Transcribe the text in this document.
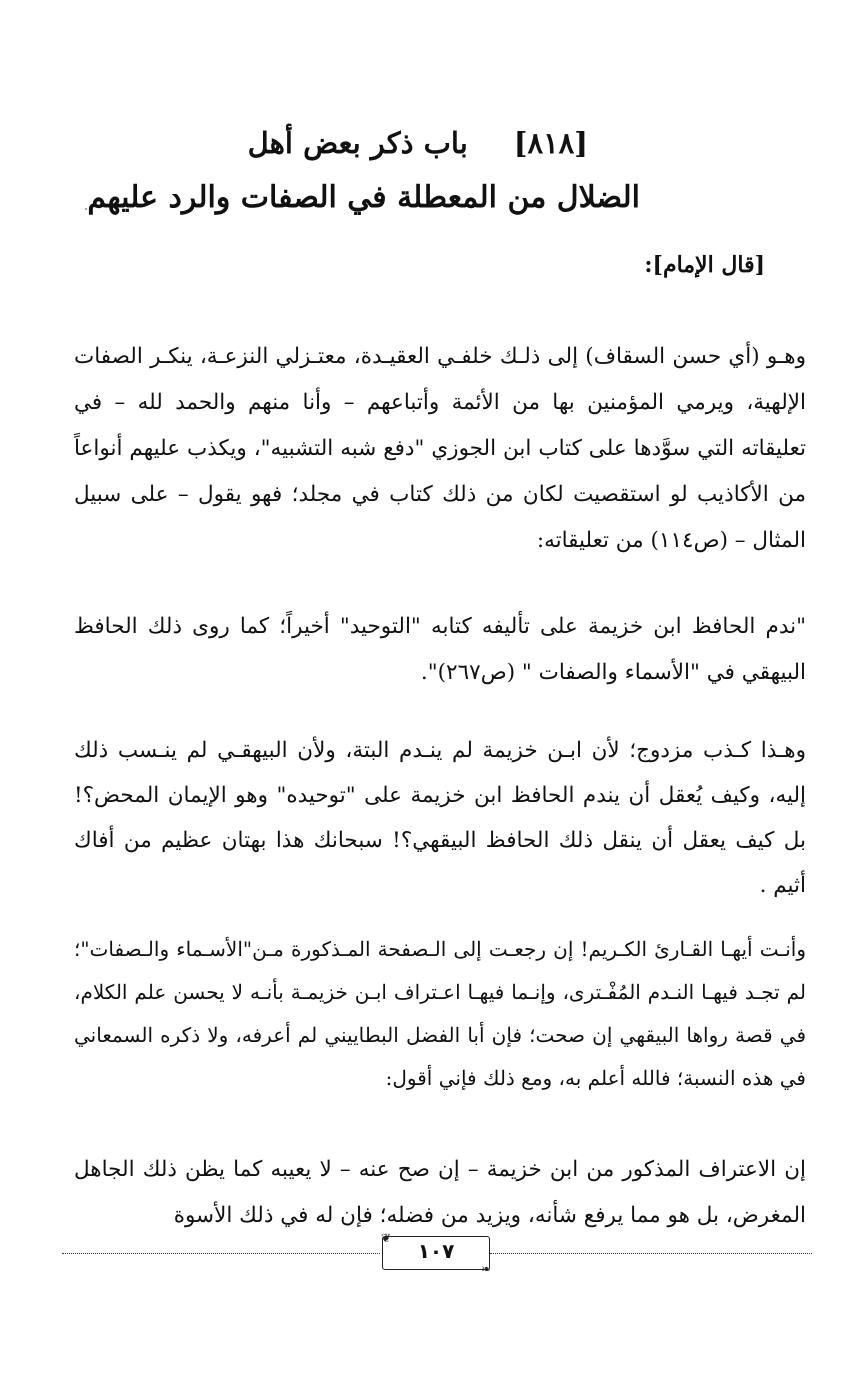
[٨١٨]باب ذكر بعض أهل
الضلال من المعطلة في الصفات والرد عليهم
[قال الإمام]:

وهـو (أي حسن السقاف) إلى ذلـك خلفـي العقيـدة، معتـزلي النزعـة، ينكـر الصفات الإلهية، ويرمي المؤمنين بها من الأئمة وأتباعهم – وأنا منهم والحمد لله – في تعليقاته التي سوَّدها على كتاب ابن الجوزي "دفع شبه التشبيه"، ويكذب عليهم أنواعاً من الأكاذيب لو استقصيت لكان من ذلك كتاب في مجلد؛ فهو يقول – على سبيل المثال – (ص١١٤) من تعليقاته:

"ندم الحافظ ابن خزيمة على تأليفه كتابه "التوحيد" أخيراً؛ كما روى ذلك الحافظ البيهقي في "الأسماء والصفات " (ص٢٦٧)".

وهـذا كـذب مزدوج؛ لأن ابـن خزيمة لم ينـدم البتة، ولأن البيهقـي لم ينـسب ذلك إليه، وكيف يُعقل أن يندم الحافظ ابن خزيمة على "توحيده" وهو الإيمان المحض؟! بل كيف يعقل أن ينقل ذلك الحافظ البيقهي؟! سبحانك هذا بهتان عظيم من أفاك أثيم .

وأنـت أيهـا القـارئ الكـريم! إن رجعـت إلى الـصفحة المـذكورة مـن"الأسـماء والـصفات"؛ لم تجـد فيهـا النـدم المُفْـترى، وإنـما فيهـا اعـتراف ابـن خزيمـة بأنـه لا يحسن علم الكلام، في قصة رواها البيقهي إن صحت؛ فإن أبا الفضل البطاييني لم أعرفه، ولا ذكره السمعاني في هذه النسبة؛ فالله أعلم به، ومع ذلك فإني أقول:

إن الاعتراف المذكور من ابن خزيمة – إن صح عنه – لا يعيبه كما يظن ذلك الجاهل المغرض، بل هو مما يرفع شأنه، ويزيد من فضله؛ فإن له في ذلك الأسوة

❦
١٠٧
❧
